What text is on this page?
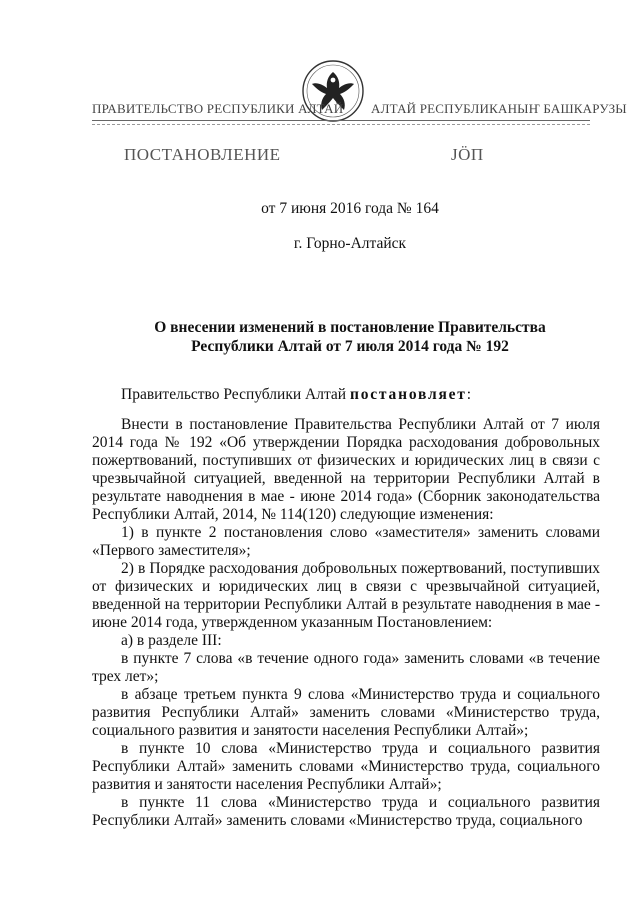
ПРАВИТЕЛЬСТВО РЕСПУБЛИКИ АЛТАЙ АЛТАЙ РЕСПУБЛИКАНЫҤ БАШКАРУЗЫ
ПОСТАНОВЛЕНИЕ	ЈÖП
от 7 июня 2016 года № 164
г. Горно-Алтайск
О внесении изменений в постановление Правительства
Республики Алтай от 7 июля 2014 года № 192
Правительство Республики Алтай постановляет:

Внести в постановление Правительства Республики Алтай от 7 июля 2014 года № 192 «Об утверждении Порядка расходования добровольных пожертвований, поступивших от физических и юридических лиц в связи с чрезвычайной ситуацией, введенной на территории Республики Алтай в результате наводнения в мае - июне 2014 года» (Сборник законодательства Республики Алтай, 2014, № 114(120) следующие изменения:

1) в пункте 2 постановления слово «заместителя» заменить словами «Первого заместителя»;

2) в Порядке расходования добровольных пожертвований, поступивших от физических и юридических лиц в связи с чрезвычайной ситуацией, введенной на территории Республики Алтай в результате наводнения в мае - июне 2014 года, утвержденном указанным Постановлением:

а) в разделе III:

в пункте 7 слова «в течение одного года» заменить словами «в течение трех лет»;

в абзаце третьем пункта 9 слова «Министерство труда и социального развития Республики Алтай» заменить словами «Министерство труда, социального развития и занятости населения Республики Алтай»;

в пункте 10 слова «Министерство труда и социального развития Республики Алтай» заменить словами «Министерство труда, социального развития и занятости населения Республики Алтай»;

в пункте 11 слова «Министерство труда и социального развития Республики Алтай» заменить словами «Министерство труда, социального
